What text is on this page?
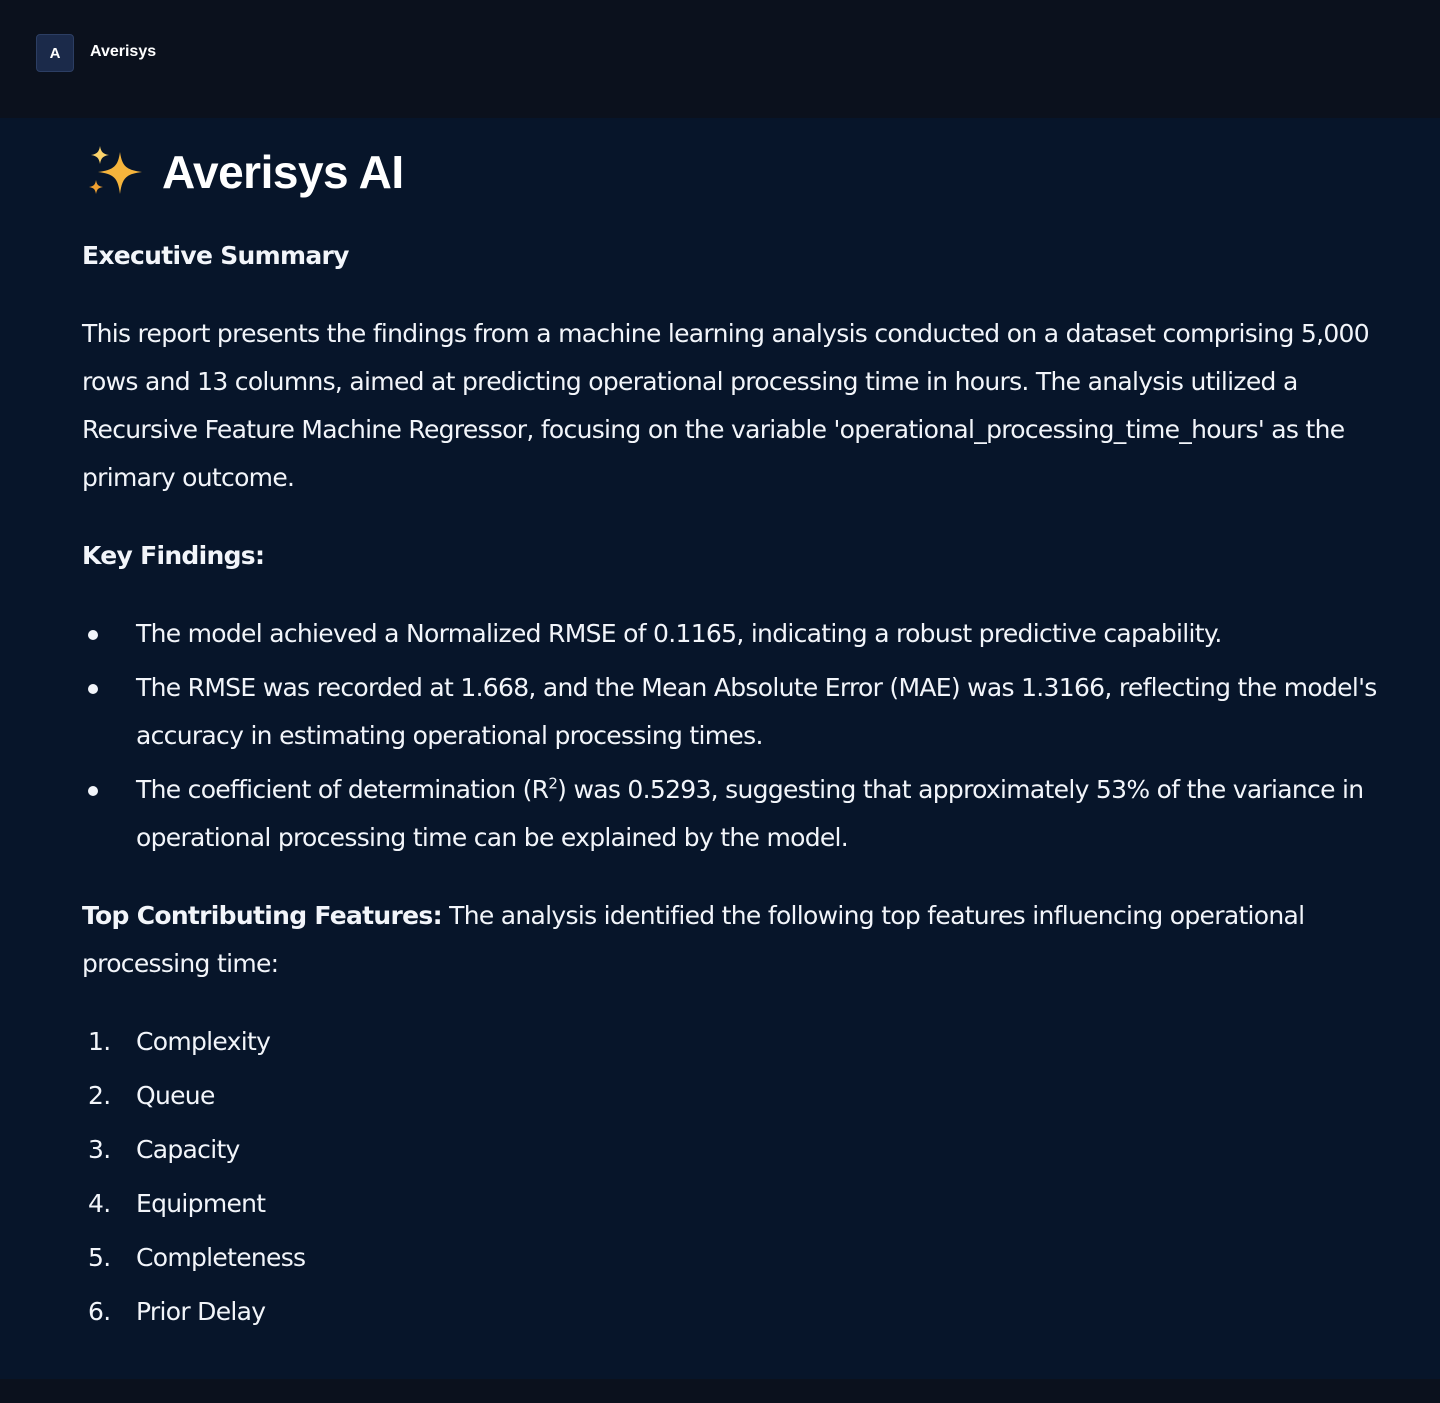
A	Averisys
Averisys AI

Executive Summary

This report presents the findings from a machine learning analysis conducted on a dataset comprising 5,000 rows and 13 columns, aimed at predicting operational processing time in hours. The analysis utilized a Recursive Feature Machine Regressor, focusing on the variable 'operational_processing_time_hours' as the primary outcome.

Key Findings:

The model achieved a Normalized RMSE of 0.1165, indicating a robust predictive capability.
The RMSE was recorded at 1.668, and the Mean Absolute Error (MAE) was 1.3166, reflecting the model's accuracy in estimating operational processing times.
The coefficient of determination $(R^2)$ was 0.5293, suggesting that approximately 53% of the variance in operational processing time can be explained by the model.

Top Contributing Features: The analysis identified the following top features influencing operational processing time:

1. Complexity
2. Queue
3. Capacity
4. Equipment
5. Completeness
6. Prior Delay
